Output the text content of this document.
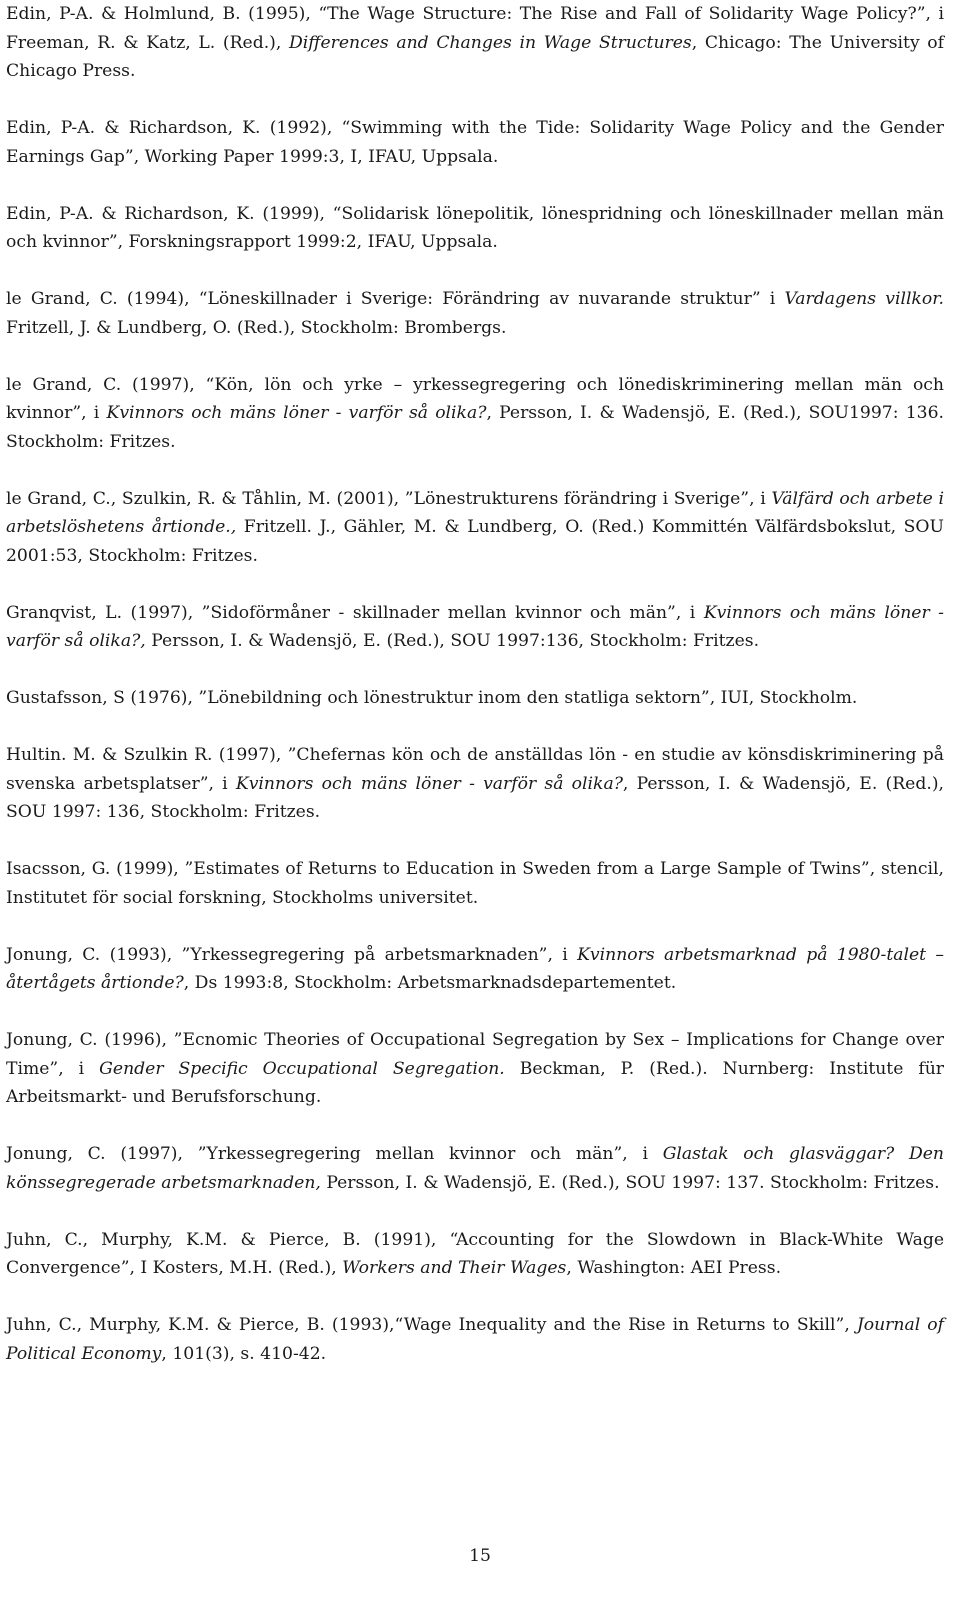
Edin, P-A. & Holmlund, B. (1995), “The Wage Structure: The Rise and Fall of Solidarity Wage Policy?”, i Freeman, R. & Katz, L. (Red.), Differences and Changes in Wage Structures, Chicago: The University of Chicago Press.

Edin, P-A. & Richardson, K. (1992), “Swimming with the Tide: Solidarity Wage Policy and the Gender Earnings Gap”, Working Paper 1999:3, I, IFAU, Uppsala.

Edin, P-A. & Richardson, K. (1999), “Solidarisk lönepolitik, lönespridning och löneskillnader mellan män och kvinnor”, Forskningsrapport 1999:2, IFAU, Uppsala.

le Grand, C. (1994), “Löneskillnader i Sverige: Förändring av nuvarande struktur” i Vardagens villkor. Fritzell, J. & Lundberg, O. (Red.), Stockholm: Brombergs.

le Grand, C. (1997), “Kön, lön och yrke – yrkessegregering och lönediskriminering mellan män och kvinnor”, i Kvinnors och mäns löner - varför så olika?, Persson, I. & Wadensjö, E. (Red.), SOU1997: 136. Stockholm: Fritzes.

le Grand, C., Szulkin, R. & Tåhlin, M. (2001), ”Lönestrukturens förändring i Sverige”, i Välfärd och arbete i arbetslöshetens årtionde., Fritzell. J., Gähler, M. & Lundberg, O. (Red.) Kommittén Välfärdsbokslut, SOU 2001:53, Stockholm: Fritzes.

Granqvist, L. (1997), ”Sidoförmåner - skillnader mellan kvinnor och män”, i Kvinnors och mäns löner - varför så olika?, Persson, I. & Wadensjö, E. (Red.), SOU 1997:136, Stockholm: Fritzes.

Gustafsson, S (1976), ”Lönebildning och lönestruktur inom den statliga sektorn”, IUI, Stockholm.

Hultin. M. & Szulkin R. (1997), ”Chefernas kön och de anställdas lön - en studie av könsdiskriminering på svenska arbetsplatser”, i Kvinnors och mäns löner - varför så olika?, Persson, I. & Wadensjö, E. (Red.), SOU 1997: 136, Stockholm: Fritzes.

Isacsson, G. (1999), ”Estimates of Returns to Education in Sweden from a Large Sample of Twins”, stencil, Institutet för social forskning, Stockholms universitet.

Jonung, C. (1993), ”Yrkessegregering på arbetsmarknaden”, i Kvinnors arbetsmarknad på 1980-talet – återtågets årtionde?, Ds 1993:8, Stockholm: Arbetsmarknadsdepartementet.

Jonung, C. (1996), ”Ecnomic Theories of Occupational Segregation by Sex – Implications for Change over Time”, i Gender Specific Occupational Segregation. Beckman, P. (Red.). Nurnberg: Institute für Arbeitsmarkt- und Berufsforschung.

Jonung, C. (1997), ”Yrkessegregering mellan kvinnor och män”, i Glastak och glasväggar? Den könssegregerade arbetsmarknaden, Persson, I. & Wadensjö, E. (Red.), SOU 1997: 137. Stockholm: Fritzes.

Juhn, C., Murphy, K.M. & Pierce, B. (1991), “Accounting for the Slowdown in Black-White Wage Convergence”, I Kosters, M.H. (Red.), Workers and Their Wages, Washington: AEI Press.

Juhn, C., Murphy, K.M. & Pierce, B. (1993),“Wage Inequality and the Rise in Returns to Skill”, Journal of Political Economy, 101(3), s. 410-42.

15
